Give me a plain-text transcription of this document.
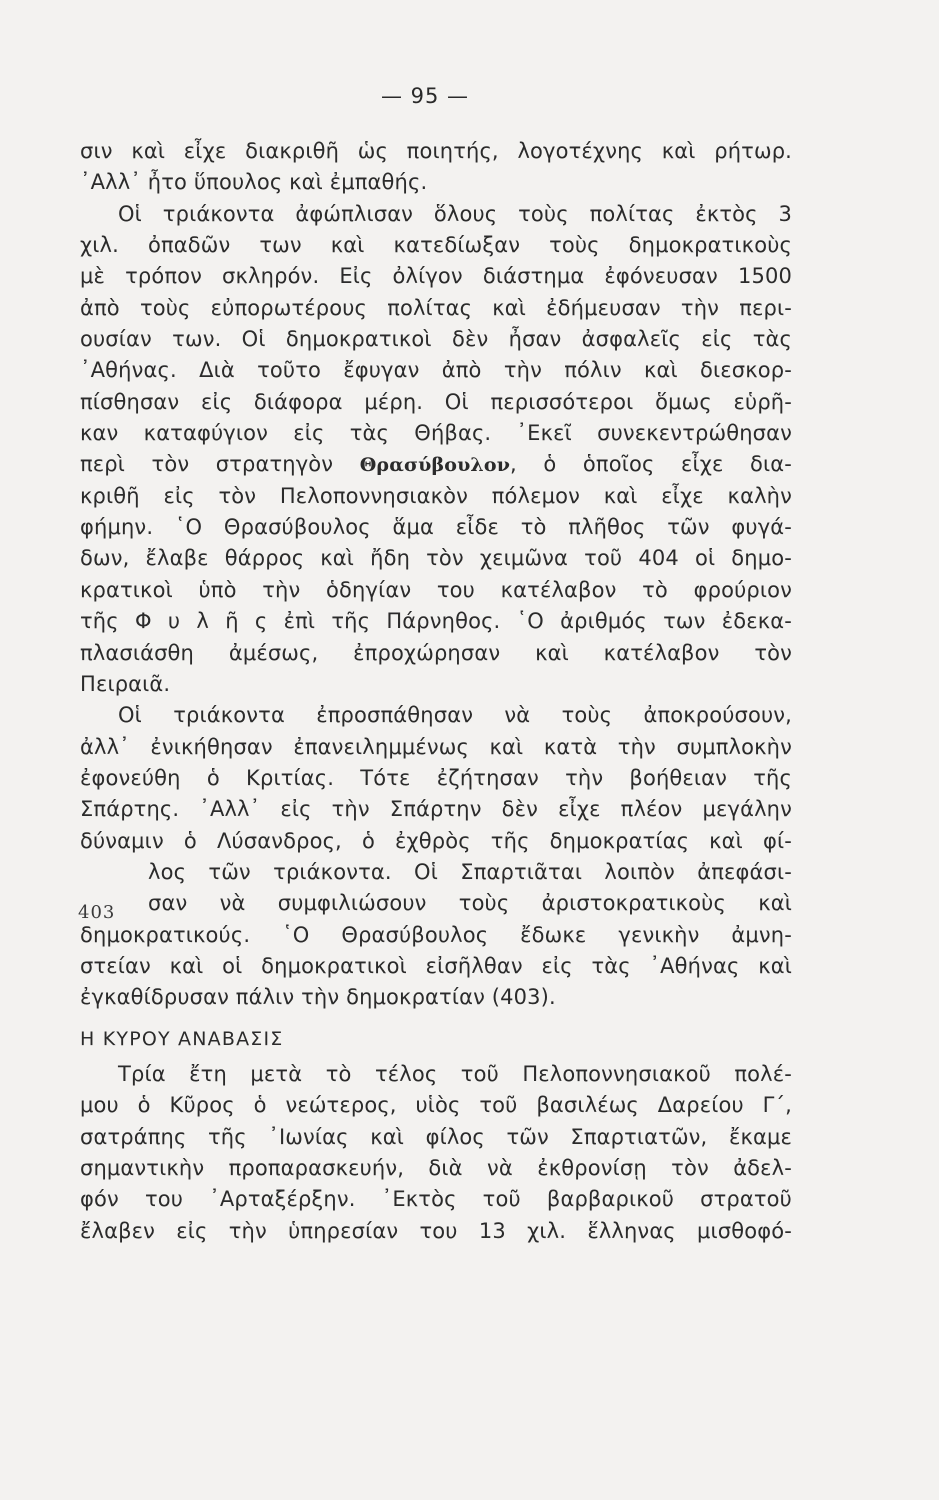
— 95 —
403
σιν καὶ εἶχε διακριθῆ ὡς ποιητής, λογοτέχνης καὶ ρήτωρ.
᾿Αλλ᾽ ἦτο ὕπουλος καὶ ἐμπαθής.
Οἱ τριάκοντα ἀφώπλισαν ὅλους τοὺς πολίτας ἐκτὸς 3
χιλ. ὀπαδῶν των καὶ κατεδίωξαν τοὺς δημοκρατικοὺς
μὲ τρόπον σκληρόν. Εἰς ὀλίγον διάστημα ἐφόνευσαν 1500
ἀπὸ τοὺς εὐπορωτέρους πολίτας καὶ ἐδήμευσαν τὴν περι-
ουσίαν των. Οἱ δημοκρατικοὶ δὲν ἦσαν ἀσφαλεῖς εἰς τὰς
᾿Αθήνας. Διὰ τοῦτο ἔφυγαν ἀπὸ τὴν πόλιν καὶ διεσκορ-
πίσθησαν εἰς διάφορα μέρη. Οἱ περισσότεροι ὅμως εὑρῆ-
καν καταφύγιον εἰς τὰς Θήβας. ᾿Εκεῖ συνεκεντρώθησαν
περὶ τὸν στρατηγὸν Θρασύβουλον, ὁ ὁποῖος εἶχε δια-
κριθῆ εἰς τὸν Πελοποννησιακὸν πόλεμον καὶ εἶχε καλὴν
φήμην. ῾Ο Θρασύβουλος ἅμα εἶδε τὸ πλῆθος τῶν φυγά-
δων, ἔλαβε θάρρος καὶ ἤδη τὸν χειμῶνα τοῦ 404 οἱ δημο-
κρατικοὶ ὑπὸ τὴν ὁδηγίαν του κατέλαβον τὸ φρούριον
τῆς Φ υ λ ῆ ς ἐπὶ τῆς Πάρνηθος. ῾Ο ἀριθμός των ἐδεκα-
πλασιάσθη ἀμέσως, ἐπροχώρησαν καὶ κατέλαβον τὸν
Πειραιᾶ.
Οἱ τριάκοντα ἐπροσπάθησαν νὰ τοὺς ἀποκρούσουν,
ἀλλ᾽ ἐνικήθησαν ἐπανειλημμένως καὶ κατὰ τὴν συμπλοκὴν
ἐφονεύθη ὁ Κριτίας. Τότε ἐζήτησαν τὴν βοήθειαν τῆς
Σπάρτης. ᾿Αλλ᾽ εἰς τὴν Σπάρτην δὲν εἶχε πλέον μεγάλην
δύναμιν ὁ Λύσανδρος, ὁ ἐχθρὸς τῆς δημοκρατίας καὶ φί-
λος τῶν τριάκοντα. Οἱ Σπαρτιᾶται λοιπὸν ἀπεφάσι-
σαν νὰ συμφιλιώσουν τοὺς ἀριστοκρατικοὺς καὶ
δημοκρατικούς. ῾Ο Θρασύβουλος ἔδωκε γενικὴν ἀμνη-
στείαν καὶ οἱ δημοκρατικοὶ εἰσῆλθαν εἰς τὰς ᾿Αθήνας καὶ
ἐγκαθίδρυσαν πάλιν τὴν δημοκρατίαν (403).
Η ΚΥΡΟΥ ΑΝΑΒΑΣΙΣ
Τρία ἔτη μετὰ τὸ τέλος τοῦ Πελοποννησιακοῦ πολέ-
μου ὁ Κῦρος ὁ νεώτερος, υἱὸς τοῦ βασιλέως Δαρείου Γ´,
σατράπης τῆς ᾿Ιωνίας καὶ φίλος τῶν Σπαρτιατῶν, ἔκαμε
σημαντικὴν προπαρασκευήν, διὰ νὰ ἐκθρονίσῃ τὸν ἀδελ-
φόν του ᾿Αρταξέρξην. ᾿Εκτὸς τοῦ βαρβαρικοῦ στρατοῦ
ἔλαβεν εἰς τὴν ὑπηρεσίαν του 13 χιλ. ἕλληνας μισθοφό-
